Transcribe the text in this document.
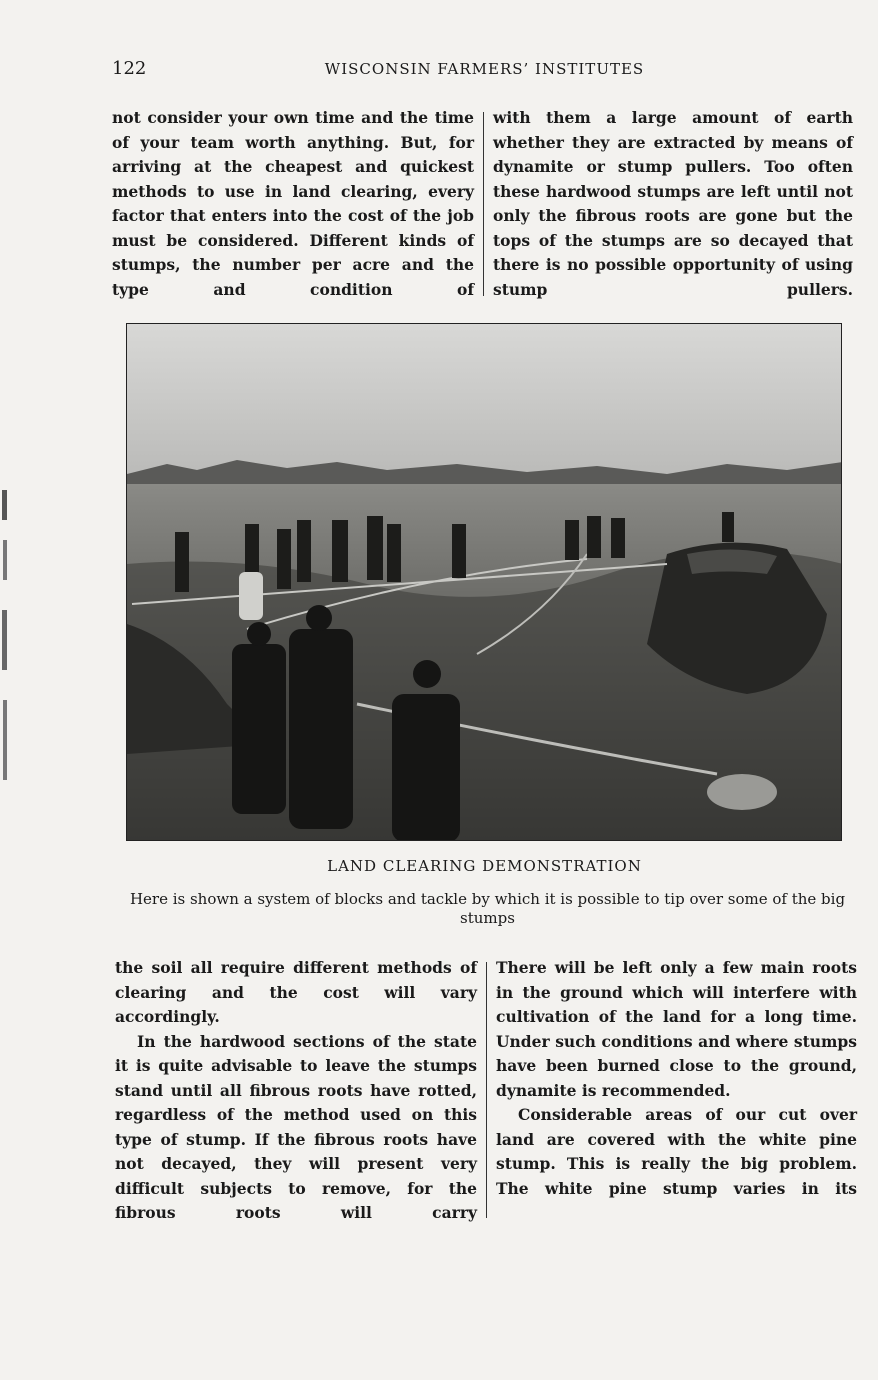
122	WISCONSIN FARMERS’ INSTITUTES

not consider your own time and the time of your team worth anything. But, for arriving at the cheapest and quickest methods to use in land clearing, every factor that enters into the cost of the job must be considered. Different kinds of stumps, the number per acre and the type and condition of

with them a large amount of earth whether they are extracted by means of dynamite or stump pullers. Too often these hardwood stumps are left until not only the fibrous roots are gone but the tops of the stumps are so decayed that there is no possible opportunity of using stump pullers.

LAND CLEARING DEMONSTRATION
Here is shown a system of blocks and tackle by which it is possible to tip over some of the big stumps

the soil all require different methods of clearing and the cost will vary accordingly.

In the hardwood sections of the state it is quite advisable to leave the stumps stand until all fibrous roots have rotted, regardless of the method used on this type of stump. If the fibrous roots have not decayed, they will present very difficult subjects to remove, for the fibrous roots will carry

There will be left only a few main roots in the ground which will interfere with cultivation of the land for a long time. Under such conditions and where stumps have been burned close to the ground, dynamite is recommended.

Considerable areas of our cut over land are covered with the white pine stump. This is really the big problem. The white pine stump varies in its
